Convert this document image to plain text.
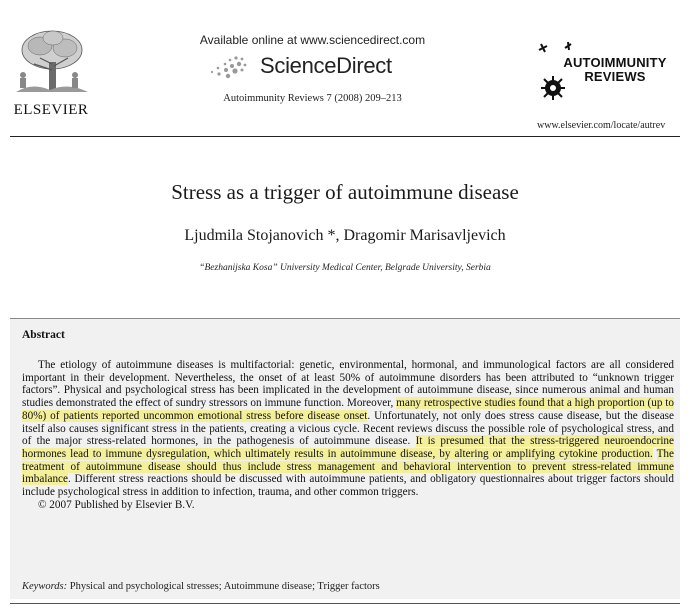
ELSEVIER
Available online at www.sciencedirect.com
ScienceDirect
Autoimmunity Reviews 7 (2008) 209–213
AUTOIMMUNITY
REVIEWS
www.elsevier.com/locate/autrev
Stress as a trigger of autoimmune disease
Ljudmila Stojanovich *, Dragomir Marisavljevich
“Bezhanijska Kosa” University Medical Center, Belgrade University, Serbia
Abstract

The etiology of autoimmune diseases is multifactorial: genetic, environmental, hormonal, and immunological factors are all considered important in their development. Nevertheless, the onset of at least 50% of autoimmune disorders has been attributed to “unknown trigger factors”. Physical and psychological stress has been implicated in the development of autoimmune disease, since numerous animal and human studies demonstrated the effect of sundry stressors on immune function. Moreover, many retrospective studies found that a high proportion (up to 80%) of patients reported uncommon emotional stress before disease onset. Unfortunately, not only does stress cause disease, but the disease itself also causes significant stress in the patients, creating a vicious cycle. Recent reviews discuss the possible role of psychological stress, and of the major stress-related hormones, in the pathogenesis of autoimmune disease. It is presumed that the stress-triggered neuroendocrine hormones lead to immune dysregulation, which ultimately results in autoimmune disease, by altering or amplifying cytokine production. The treatment of autoimmune disease should thus include stress management and behavioral intervention to prevent stress-related immune imbalance. Different stress reactions should be discussed with autoimmune patients, and obligatory questionnaires about trigger factors should include psychological stress in addition to infection, trauma, and other common triggers.

© 2007 Published by Elsevier B.V.

Keywords: Physical and psychological stresses; Autoimmune disease; Trigger factors
